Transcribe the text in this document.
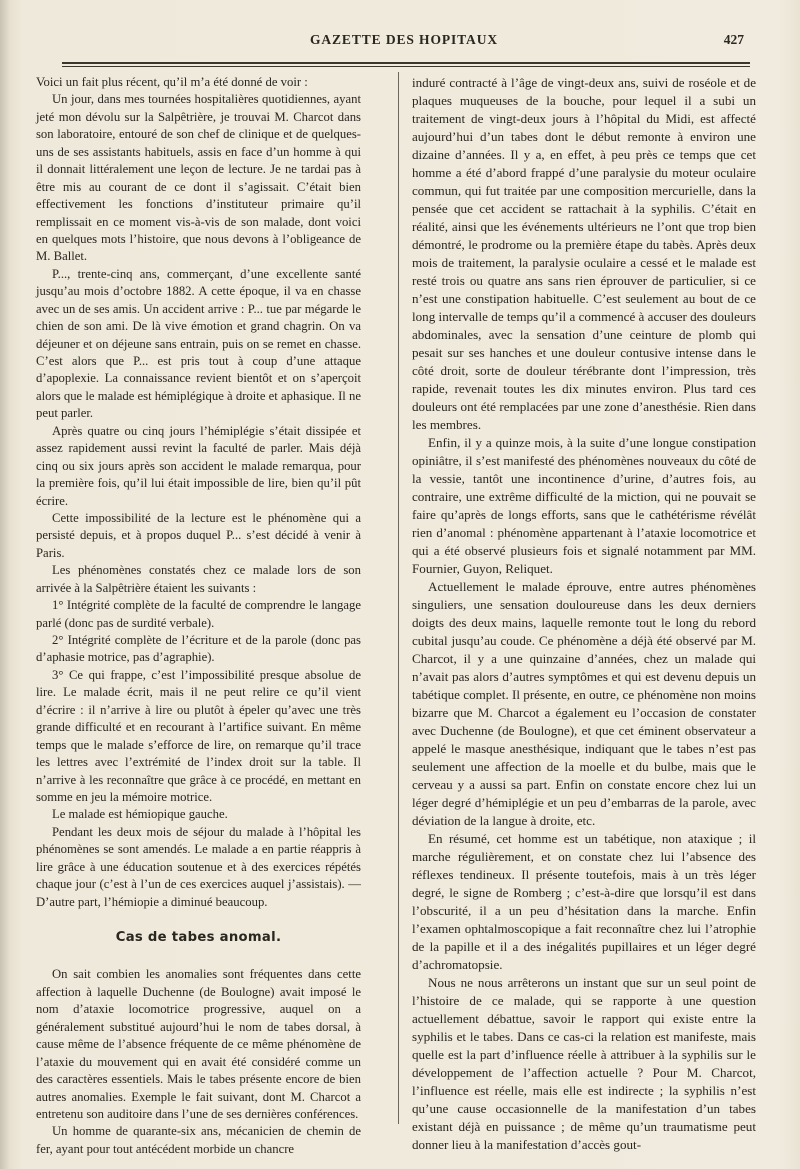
GAZETTE DES HOPITAUX	427

Voici un fait plus récent, qu’il m’a été donné de voir :

Un jour, dans mes tournées hospitalières quotidiennes, ayant jeté mon dévolu sur la Salpêtrière, je trouvai M. Charcot dans son laboratoire, entouré de son chef de clinique et de quelques-uns de ses assistants habituels, assis en face d’un homme à qui il donnait littéralement une leçon de lecture. Je ne tardai pas à être mis au courant de ce dont il s’agissait. C’était bien effectivement les fonctions d’instituteur primaire qu’il remplissait en ce moment vis-à-vis de son malade, dont voici en quelques mots l’histoire, que nous devons à l’obligeance de M. Ballet.

P..., trente-cinq ans, commerçant, d’une excellente santé jusqu’au mois d’octobre 1882. A cette époque, il va en chasse avec un de ses amis. Un accident arrive : P... tue par mégarde le chien de son ami. De là vive émotion et grand chagrin. On va déjeuner et on déjeune sans entrain, puis on se remet en chasse. C’est alors que P... est pris tout à coup d’une attaque d’apoplexie. La connaissance revient bientôt et on s’aperçoit alors que le malade est hémiplégique à droite et aphasique. Il ne peut parler.

Après quatre ou cinq jours l’hémiplégie s’était dissipée et assez rapidement aussi revint la faculté de parler. Mais déjà cinq ou six jours après son accident le malade remarqua, pour la première fois, qu’il lui était impossible de lire, bien qu’il pût écrire.

Cette impossibilité de la lecture est le phénomène qui a persisté depuis, et à propos duquel P... s’est décidé à venir à Paris.

Les phénomènes constatés chez ce malade lors de son arrivée à la Salpêtrière étaient les suivants :

1° Intégrité complète de la faculté de comprendre le langage parlé (donc pas de surdité verbale).

2° Intégrité complète de l’écriture et de la parole (donc pas d’aphasie motrice, pas d’agraphie).

3° Ce qui frappe, c’est l’impossibilité presque absolue de lire. Le malade écrit, mais il ne peut relire ce qu’il vient d’écrire : il n’arrive à lire ou plutôt à épeler qu’avec une très grande difficulté et en recourant à l’artifice suivant. En même temps que le malade s’efforce de lire, on remarque qu’il trace les lettres avec l’extrémité de l’index droit sur la table. Il n’arrive à les reconnaître que grâce à ce procédé, en mettant en somme en jeu la mémoire motrice.

Le malade est hémiopique gauche.

Pendant les deux mois de séjour du malade à l’hôpital les phénomènes se sont amendés. Le malade a en partie réappris à lire grâce à une éducation soutenue et à des exercices répétés chaque jour (c’est à l’un de ces exercices auquel j’assistais). — D’autre part, l’hémiopie a diminué beaucoup.

Cas de tabes anomal.

On sait combien les anomalies sont fréquentes dans cette affection à laquelle Duchenne (de Boulogne) avait imposé le nom d’ataxie locomotrice progressive, auquel on a généralement substitué aujourd’hui le nom de tabes dorsal, à cause même de l’absence fréquente de ce même phénomène de l’ataxie du mouvement qui en avait été considéré comme un des caractères essentiels. Mais le tabes présente encore de bien autres anomalies. Exemple le fait suivant, dont M. Charcot a entretenu son auditoire dans l’une de ses dernières conférences.

Un homme de quarante-six ans, mécanicien de chemin de fer, ayant pour tout antécédent morbide un chancre

induré contracté à l’âge de vingt-deux ans, suivi de roséole et de plaques muqueuses de la bouche, pour lequel il a subi un traitement de vingt-deux jours à l’hôpital du Midi, est affecté aujourd’hui d’un tabes dont le début remonte à environ une dizaine d’années. Il y a, en effet, à peu près ce temps que cet homme a été d’abord frappé d’une paralysie du moteur oculaire commun, qui fut traitée par une composition mercurielle, dans la pensée que cet accident se rattachait à la syphilis. C’était en réalité, ainsi que les événements ultérieurs ne l’ont que trop bien démontré, le prodrome ou la première étape du tabès. Après deux mois de traitement, la paralysie oculaire a cessé et le malade est resté trois ou quatre ans sans rien éprouver de particulier, si ce n’est une constipation habituelle. C’est seulement au bout de ce long intervalle de temps qu’il a commencé à accuser des douleurs abdominales, avec la sensation d’une ceinture de plomb qui pesait sur ses hanches et une douleur contusive intense dans le côté droit, sorte de douleur térébrante dont l’impression, très rapide, revenait toutes les dix minutes environ. Plus tard ces douleurs ont été remplacées par une zone d’anesthésie. Rien dans les membres.

Enfin, il y a quinze mois, à la suite d’une longue constipation opiniâtre, il s’est manifesté des phénomènes nouveaux du côté de la vessie, tantôt une incontinence d’urine, d’autres fois, au contraire, une extrême difficulté de la miction, qui ne pouvait se faire qu’après de longs efforts, sans que le cathétérisme révélât rien d’anomal : phénomène appartenant à l’ataxie locomotrice et qui a été observé plusieurs fois et signalé notamment par MM. Fournier, Guyon, Reliquet.

Actuellement le malade éprouve, entre autres phénomènes singuliers, une sensation douloureuse dans les deux derniers doigts des deux mains, laquelle remonte tout le long du rebord cubital jusqu’au coude. Ce phénomène a déjà été observé par M. Charcot, il y a une quinzaine d’années, chez un malade qui n’avait pas alors d’autres symptômes et qui est devenu depuis un tabétique complet. Il présente, en outre, ce phénomène non moins bizarre que M. Charcot a également eu l’occasion de constater avec Duchenne (de Boulogne), et que cet éminent observateur a appelé le masque anesthésique, indiquant que le tabes n’est pas seulement une affection de la moelle et du bulbe, mais que le cerveau y a aussi sa part. Enfin on constate encore chez lui un léger degré d’hémiplégie et un peu d’embarras de la parole, avec déviation de la langue à droite, etc.

En résumé, cet homme est un tabétique, non ataxique ; il marche régulièrement, et on constate chez lui l’absence des réflexes tendineux. Il présente toutefois, mais à un très léger degré, le signe de Romberg ; c’est-à-dire que lorsqu’il est dans l’obscurité, il a un peu d’hésitation dans la marche. Enfin l’examen ophtalmoscopique a fait reconnaître chez lui l’atrophie de la papille et il a des inégalités pupillaires et un léger degré d’achromatopsie.

Nous ne nous arrêterons un instant que sur un seul point de l’histoire de ce malade, qui se rapporte à une question actuellement débattue, savoir le rapport qui existe entre la syphilis et le tabes. Dans ce cas-ci la relation est manifeste, mais quelle est la part d’influence réelle à attribuer à la syphilis sur le développement de l’affection actuelle ? Pour M. Charcot, l’influence est réelle, mais elle est indirecte ; la syphilis n’est qu’une cause occasionnelle de la manifestation d’un tabes existant déjà en puissance ; de même qu’un traumatisme peut donner lieu à la manifestation d’accès gout-
